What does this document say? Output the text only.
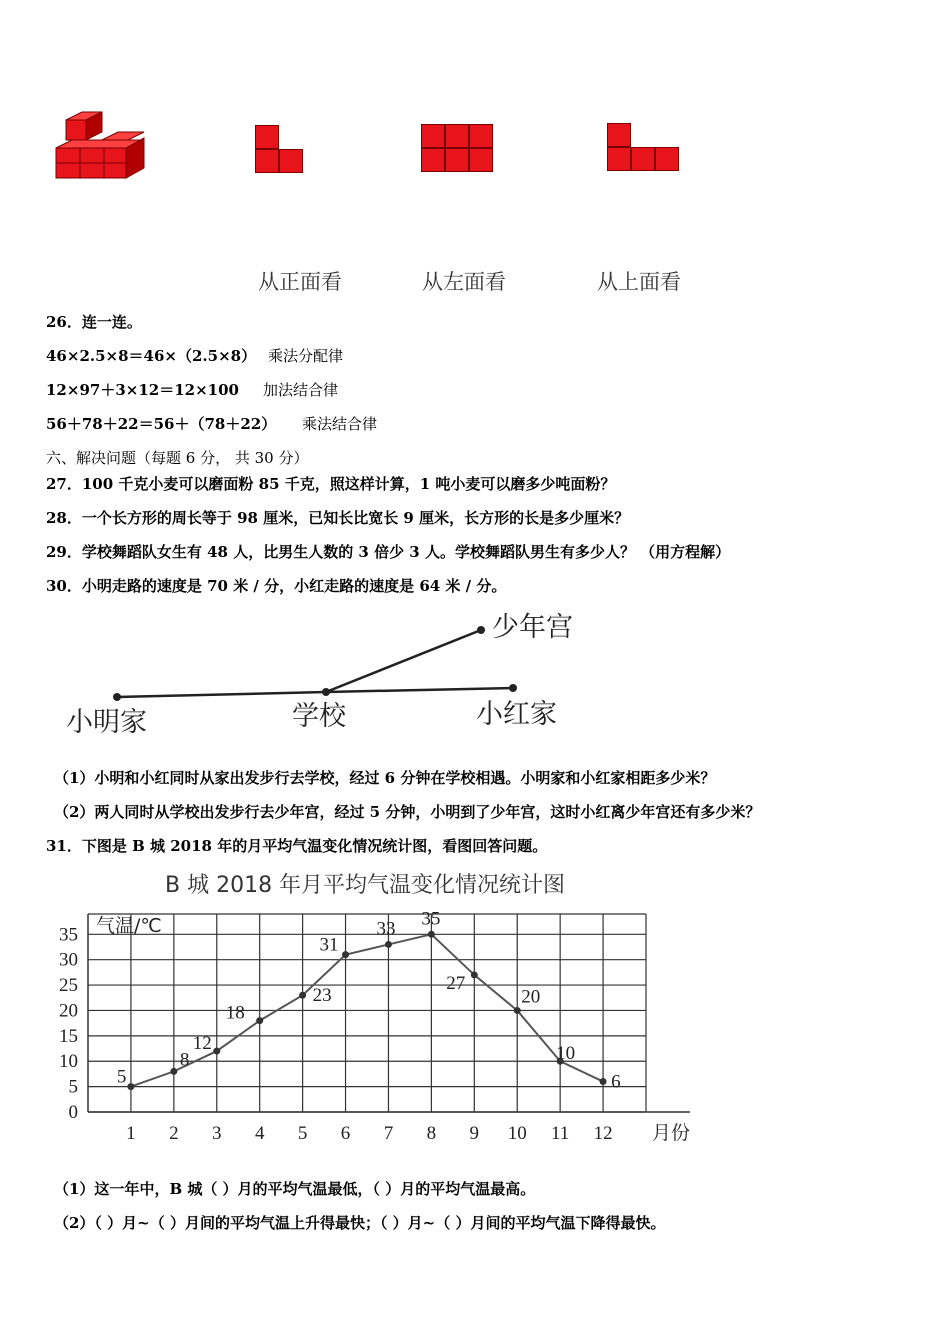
从正面看	从左面看	从上面看
26．连一连。
46×2.5×8＝46×（2.5×8） 乘法分配律
12×97＋3×12＝12×100 加法结合律
56＋78＋22＝56＋（78＋22） 乘法结合律
六、解决问题（每题 6 分， 共 30 分）
27．100 千克小麦可以磨面粉 85 千克，照这样计算，1 吨小麦可以磨多少吨面粉？
28．一个长方形的周长等于 98 厘米，已知长比宽长 9 厘米，长方形的长是多少厘米？
29．学校舞蹈队女生有 48 人，比男生人数的 3 倍少 3 人。学校舞蹈队男生有多少人？ （用方程解）
30．小明走路的速度是 70 米 / 分，小红走路的速度是 64 米 / 分。
少年宫
小明家	学校	小红家
（1）小明和小红同时从家出发步行去学校，经过 6 分钟在学校相遇。小明家和小红家相距多少米？
（2）两人同时从学校出发步行去少年宫，经过 5 分钟，小明到了少年宫，这时小红离少年宫还有多少米？
31．下图是 B 城 2018 年的月平均气温变化情况统计图，看图回答问题。
B 城 2018 年月平均气温变化情况统计图
气温/℃
月份
35
30
25
20
15
10
5
0
1 2 3 4 5 6 7 8 9 10 11 12
5
8
12
18
23
31
33 35
27
20
10
6
（1）这一年中，B 城（ ）月的平均气温最低，（ ）月的平均气温最高。
（2）（ ）月~（ ）月间的平均气温上升得最快；（ ）月~（ ）月间的平均气温下降得最快。
